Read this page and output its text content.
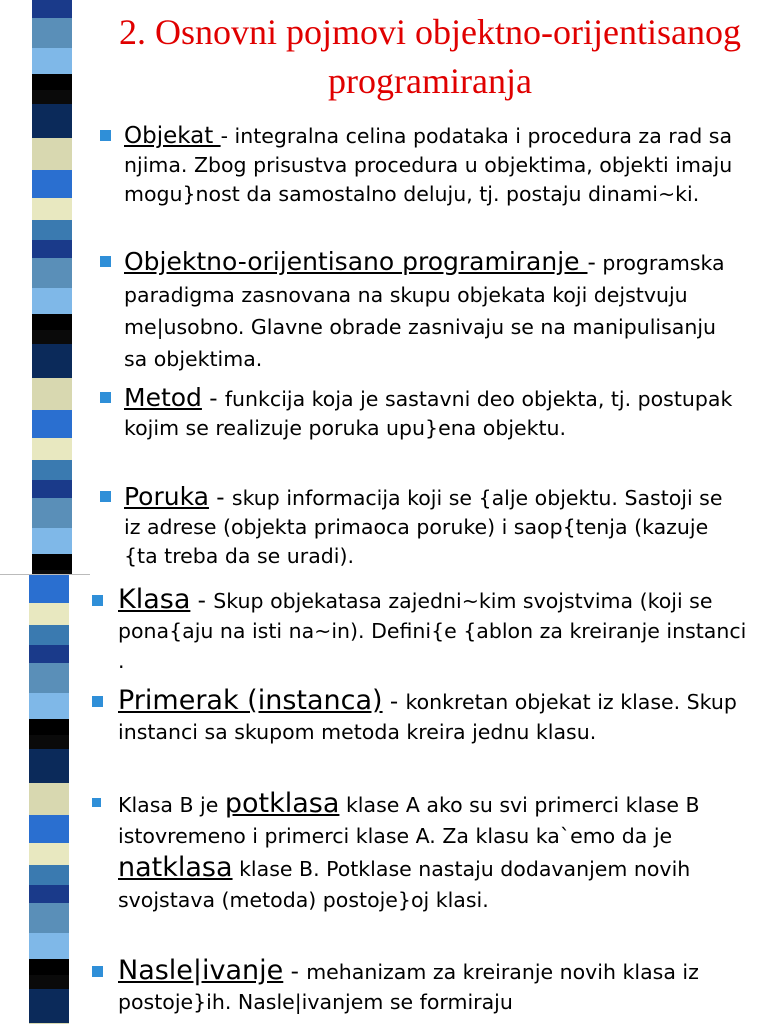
2. Osnovni pojmovi objektno-orijentisanog programiranja
Objekat - integralna celina podataka i procedura za rad sa njima. Zbog prisustva procedura u objektima, objekti imaju mogu}nost da samostalno deluju, tj. postaju dinami~ki.
Objektno-orijentisano programiranje - programska paradigma zasnovana na skupu objekata koji dejstvuju me|usobno. Glavne obrade zasnivaju se na manipulisanju sa objektima.
Metod - funkcija koja je sastavni deo objekta, tj. postupak kojim se realizuje poruka upu}ena objektu.
Poruka - skup informacija koji se {alje objektu. Sastoji se iz adrese (objekta primaoca poruke) i saop{tenja (kazuje {ta treba da se uradi).
Klasa - Skup objekatasa zajedni~kim svojstvima (koji se pona{aju na isti na~in). Defini{e {ablon za kreiranje instanci .
Primerak (instanca) - konkretan objekat iz klase. Skup instanci sa skupom metoda kreira jednu klasu.
Klasa B je potklasa klase A ako su svi primerci klase B istovremeno i primerci klase A. Za klasu ka`emo da je natklasa klase B. Potklase nastaju dodavanjem novih svojstava (metoda) postoje}oj klasi.
Nasle|ivanje - mehanizam za kreiranje novih klasa iz postoje}ih. Nasle|ivanjem se formiraju
